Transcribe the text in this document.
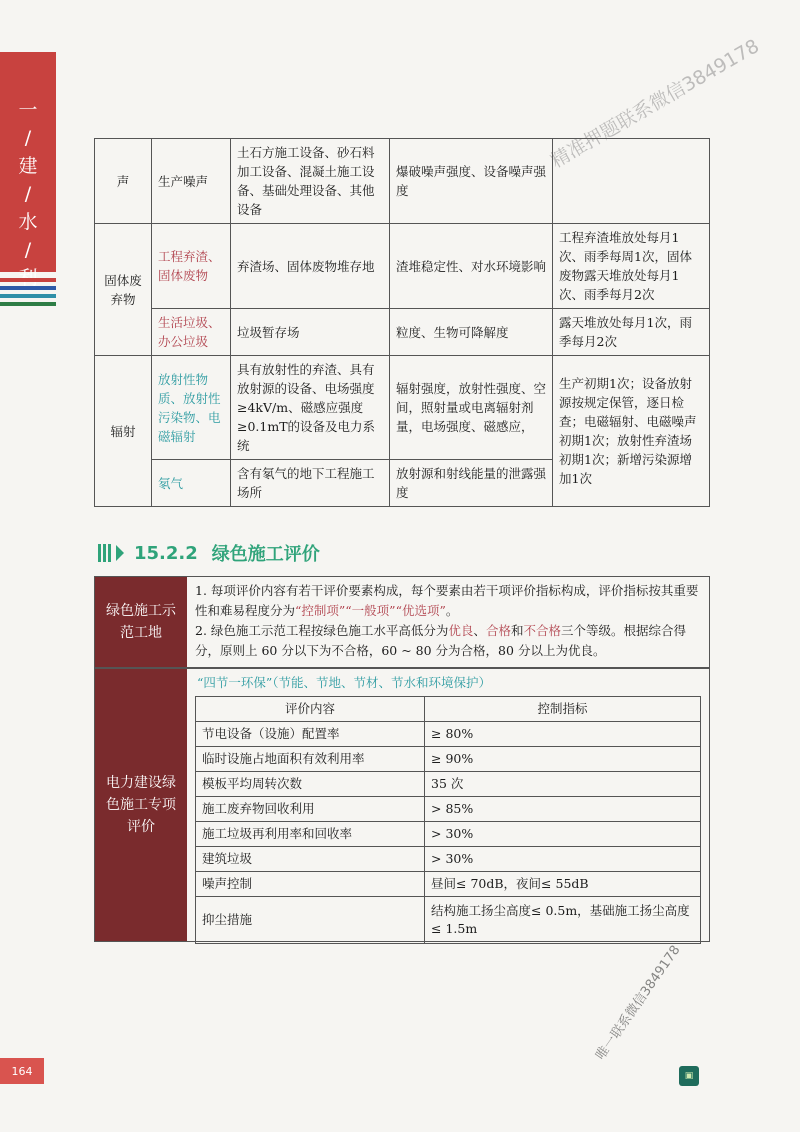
一
/
建
/
水
/
精准押题联系微信3849178
唯一联系微信3849178
声	生产噪声	土石方施工设备、砂石料加工设备、混凝土施工设备、基础处理设备、其他设备	爆破噪声强度、设备噪声强度	
固体废弃物	工程弃渣、固体废物	弃渣场、固体废物堆存地	渣堆稳定性、对水环境影响	工程弃渣堆放处每月1次、雨季每周1次，固体废物露天堆放处每月1次、雨季每月2次
	生活垃圾、办公垃圾	垃圾暂存场	粒度、生物可降解度	露天堆放处每月1次，雨季每月2次
辐射	放射性物质、放射性污染物、电磁辐射	具有放射性的弃渣、具有放射源的设备、电场强度≥4kV/m、磁感应强度≥0.1mT的设备及电力系统	辐射强度，放射性强度、空间，照射量或电离辐射剂量，电场强度、磁感应，	生产初期1次；设备放射源按规定保管，逐日检查；电磁辐射、电磁噪声初期1次；放射性弃渣场初期1次；新增污染源增加1次
	氡气	含有氡气的地下工程施工场所	放射源和射线能量的泄露强度	
15.2.2 绿色施工评价
绿色施工示范工地
1. 每项评价内容有若干评价要素构成，每个要素由若干项评价指标构成，评价指标按其重要性和难易程度分为“控制项”“一般项”“优选项”。
2. 绿色施工示范工程按绿色施工水平高低分为优良、合格和不合格三个等级。根据综合得分，原则上 60 分以下为不合格，60 ~ 80 分为合格，80 分以上为优良。
电力建设绿色施工专项评价
“四节一环保”（节能、节地、节材、节水和环境保护）
评价内容	控制指标
节电设备（设施）配置率	≥ 80%
临时设施占地面积有效利用率	≥ 90%
模板平均周转次数	35 次
施工废弃物回收利用	> 85%
施工垃圾再利用率和回收率	> 30%
建筑垃圾	> 30%
噪声控制	昼间≤ 70dB，夜间≤ 55dB
抑尘措施	结构施工扬尘高度≤ 0.5m，基础施工扬尘高度≤ 1.5m
164	▣
